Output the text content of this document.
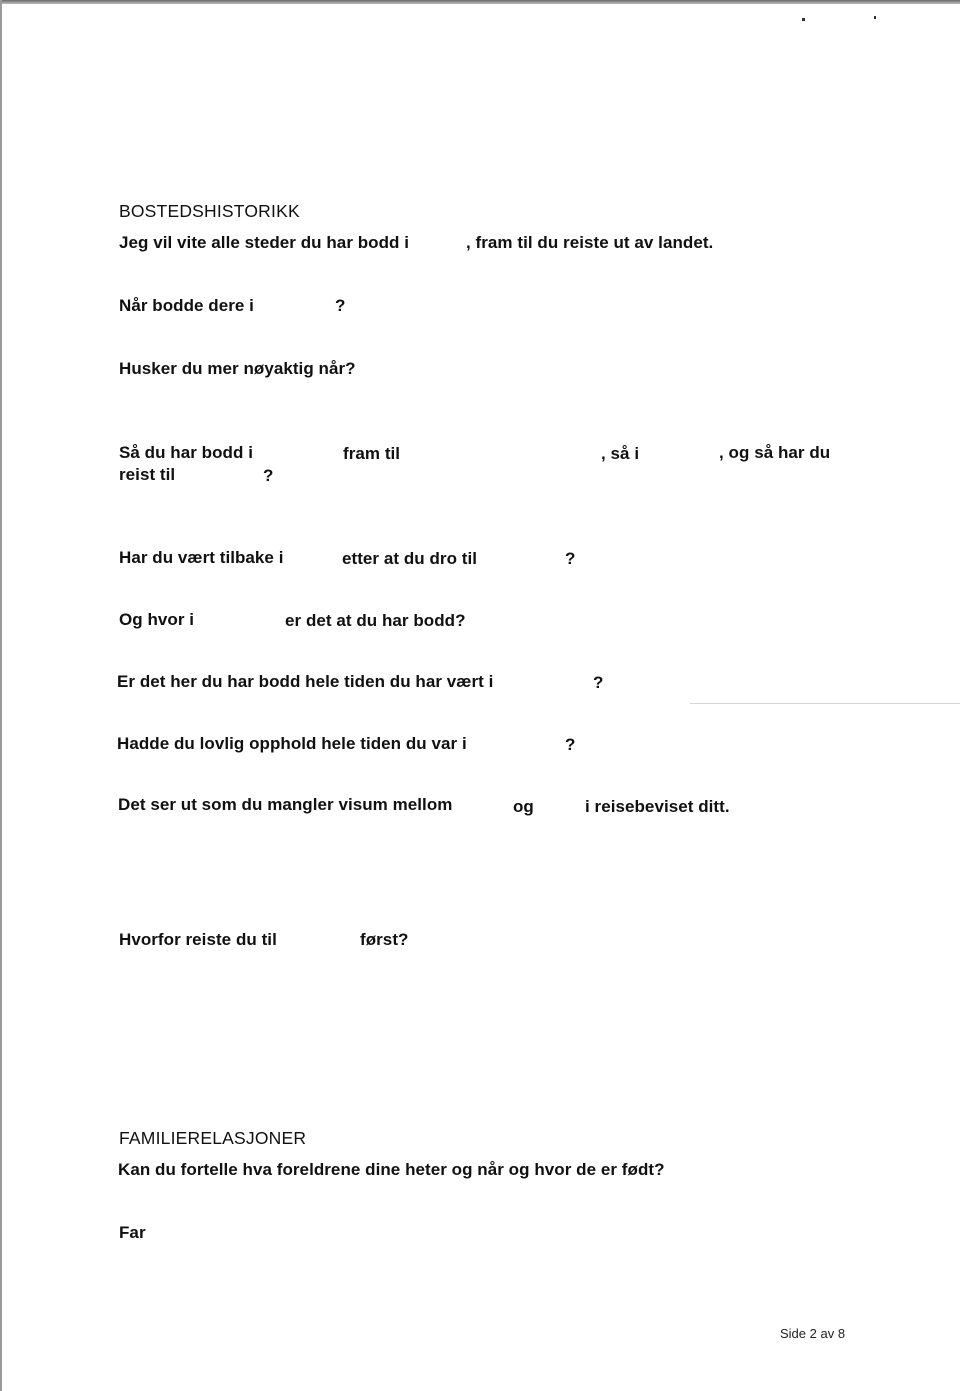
BOSTEDSHISTORIKK
Jeg vil vite alle steder du har bodd i	, fram til du reiste ut av landet.
Når bodde dere i	?
Husker du mer nøyaktig når?
Så du har bodd i	fram til	, så i	, og så har du
reist til	?
Har du vært tilbake i	etter at du dro til	?
Og hvor i	er det at du har bodd?
Er det her du har bodd hele tiden du har vært i	?
Hadde du lovlig opphold hele tiden du var i	?
Det ser ut som du mangler visum mellom	og	i reisebeviset ditt.
Hvorfor reiste du til	først?
FAMILIERELASJONER
Kan du fortelle hva foreldrene dine heter og når og hvor de er født?
Far
Side 2 av 8
